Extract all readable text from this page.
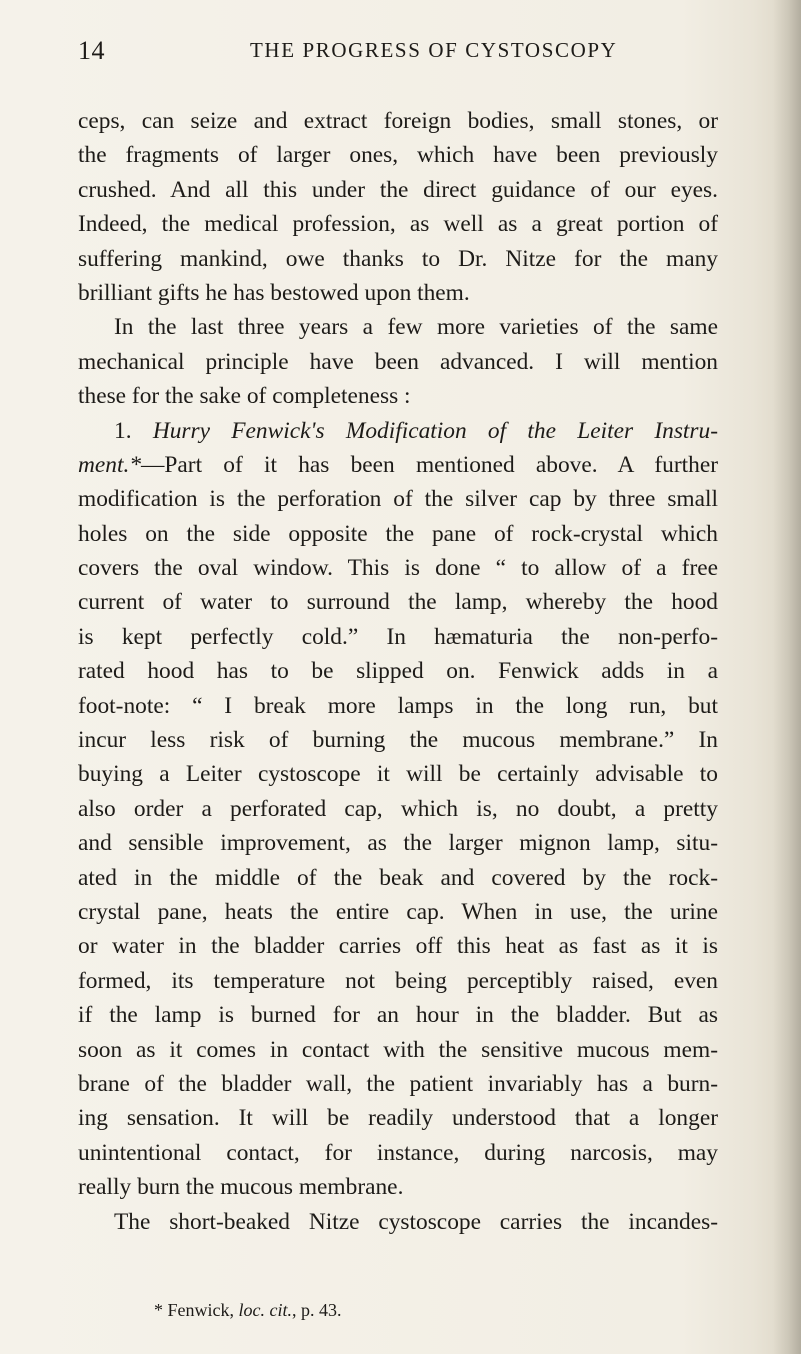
14	THE PROGRESS OF CYSTOSCOPY
ceps, can seize and extract foreign bodies, small stones, or
the fragments of larger ones, which have been previously
crushed. And all this under the direct guidance of our eyes.
Indeed, the medical profession, as well as a great portion of
suffering mankind, owe thanks to Dr. Nitze for the many
brilliant gifts he has bestowed upon them.
In the last three years a few more varieties of the same
mechanical principle have been advanced. I will mention
these for the sake of completeness :
1. Hurry Fenwick's Modification of the Leiter Instru-
ment.*—Part of it has been mentioned above. A further
modification is the perforation of the silver cap by three small
holes on the side opposite the pane of rock-crystal which
covers the oval window. This is done “ to allow of a free
current of water to surround the lamp, whereby the hood
is kept perfectly cold.” In hæmaturia the non-perfo-
rated hood has to be slipped on. Fenwick adds in a
foot-note: “ I break more lamps in the long run, but
incur less risk of burning the mucous membrane.” In
buying a Leiter cystoscope it will be certainly advisable to
also order a perforated cap, which is, no doubt, a pretty
and sensible improvement, as the larger mignon lamp, situ-
ated in the middle of the beak and covered by the rock-
crystal pane, heats the entire cap. When in use, the urine
or water in the bladder carries off this heat as fast as it is
formed, its temperature not being perceptibly raised, even
if the lamp is burned for an hour in the bladder. But as
soon as it comes in contact with the sensitive mucous mem-
brane of the bladder wall, the patient invariably has a burn-
ing sensation. It will be readily understood that a longer
unintentional contact, for instance, during narcosis, may
really burn the mucous membrane.
The short-beaked Nitze cystoscope carries the incandes-
* Fenwick, loc. cit., p. 43.
